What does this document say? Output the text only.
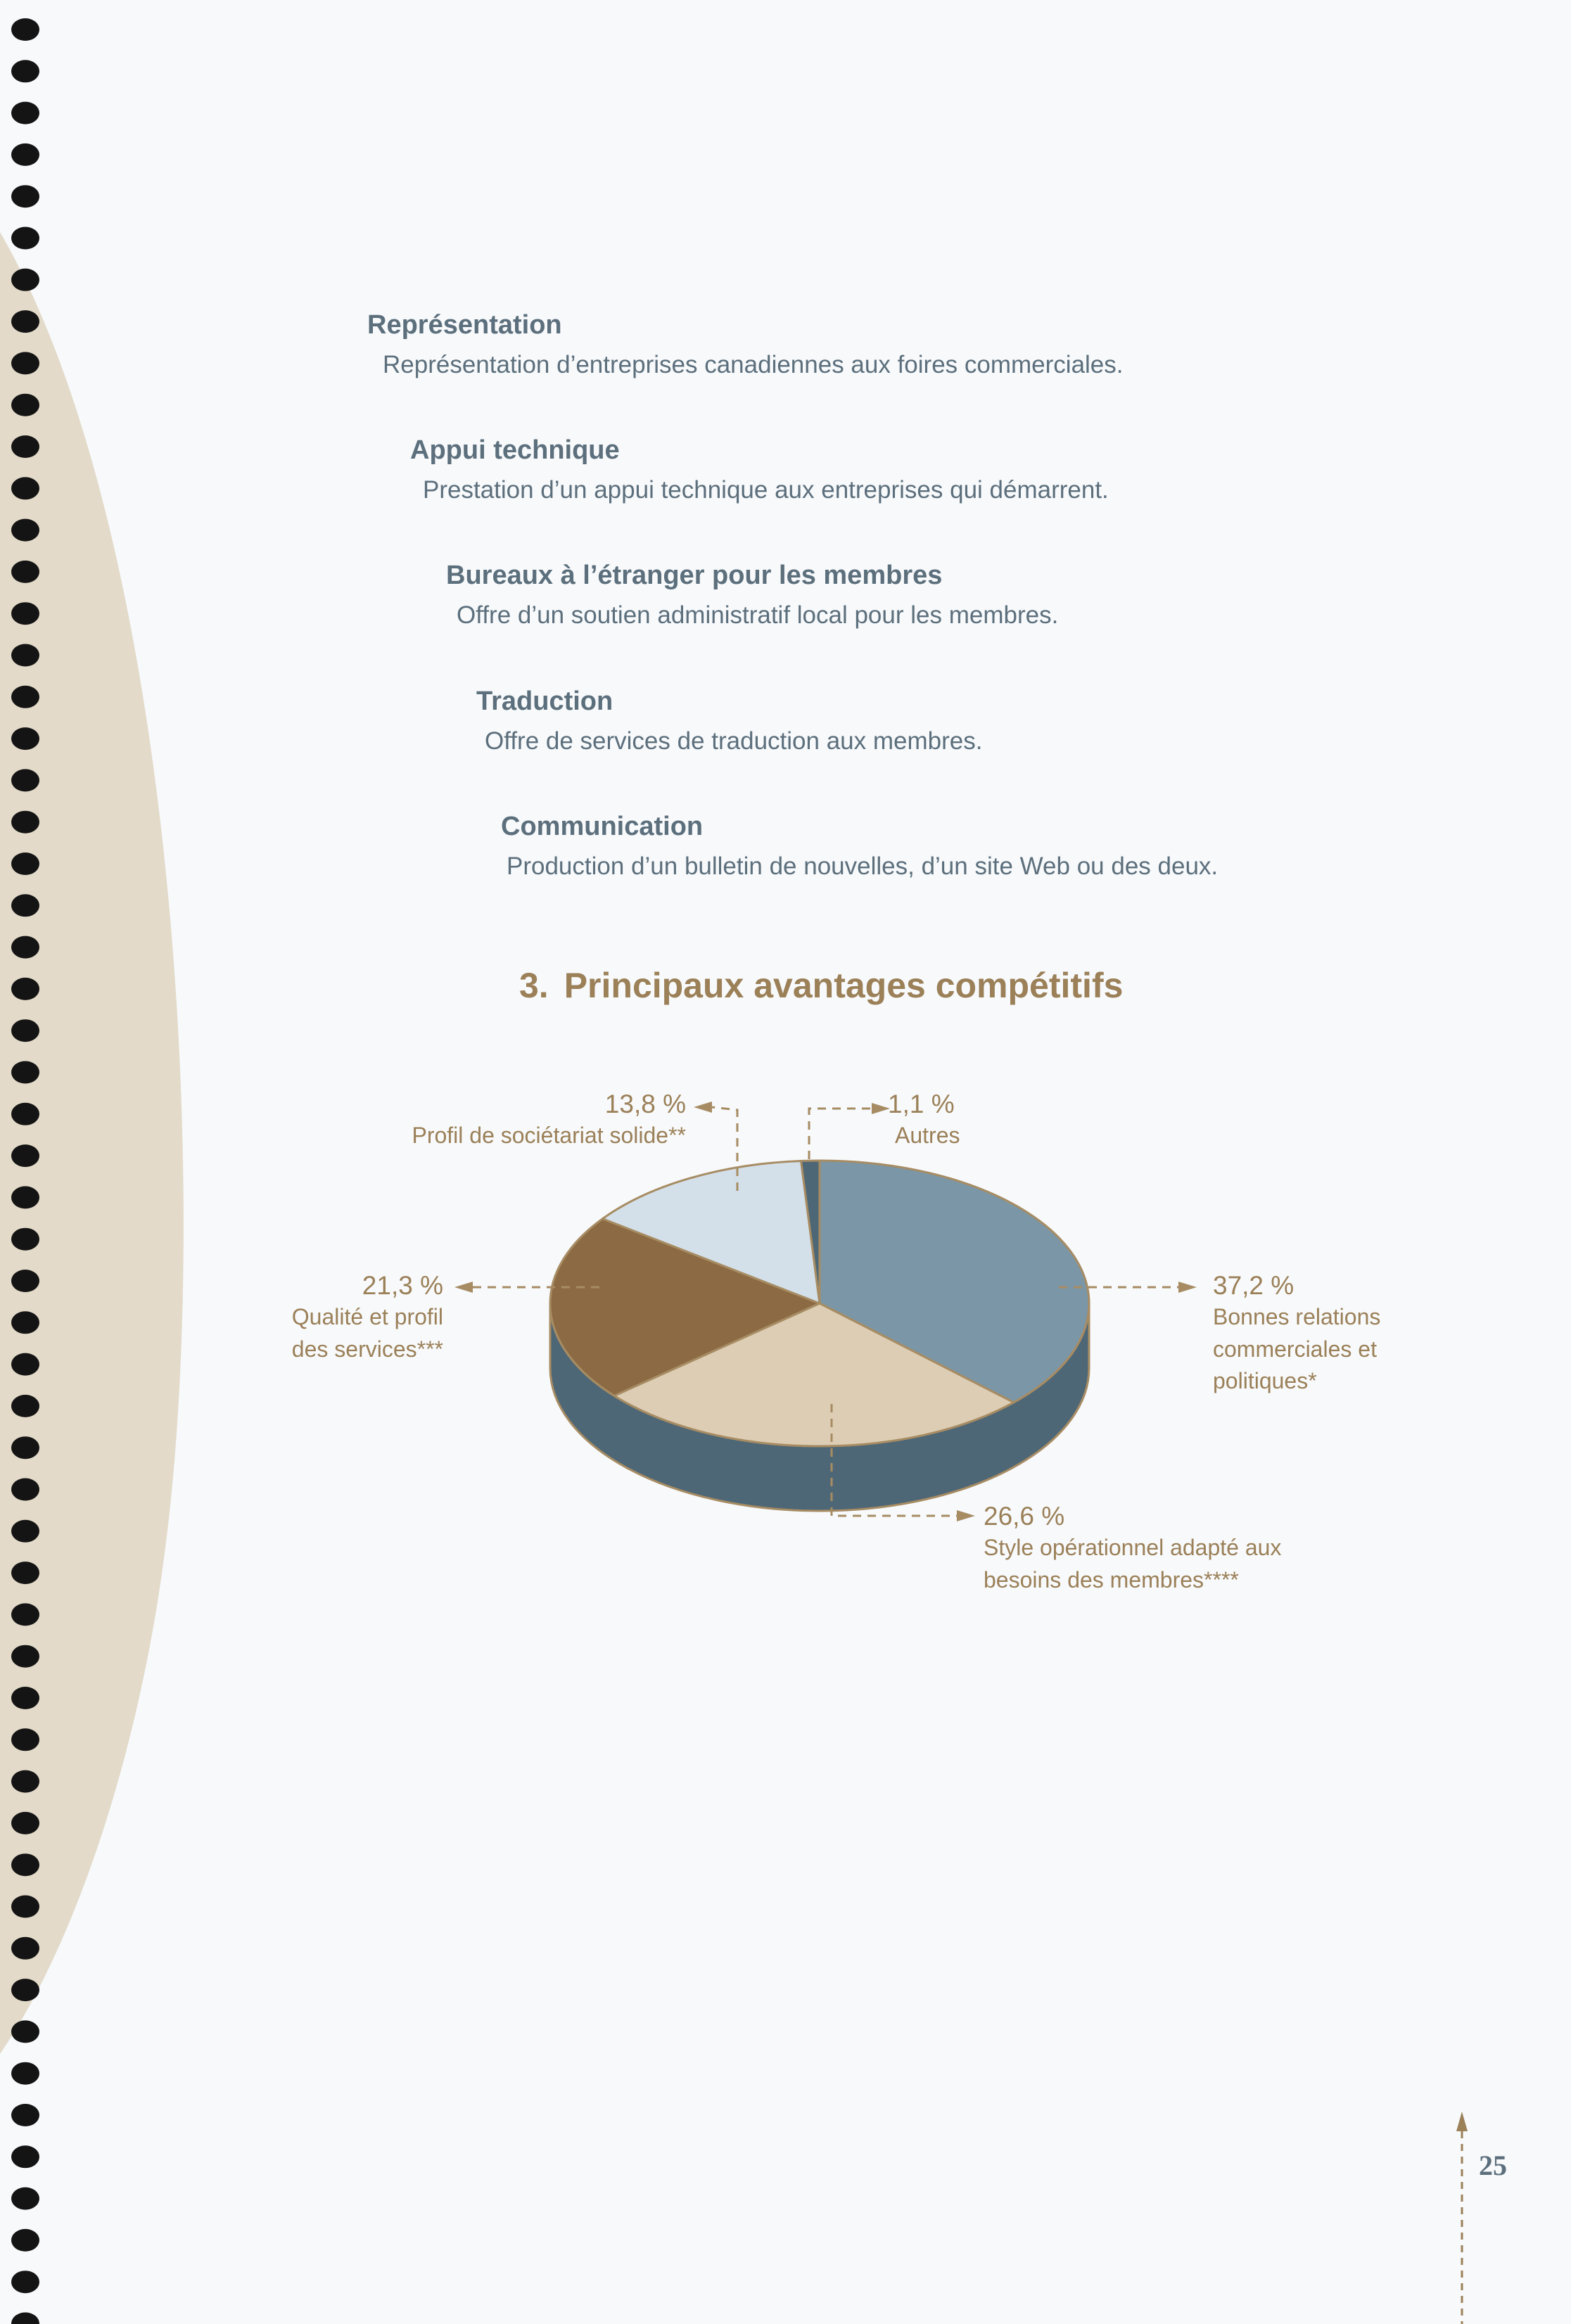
Représentation
Représentation d’entreprises canadiennes aux foires commerciales.
Appui technique
Prestation d’un appui technique aux entreprises qui démarrent.
Bureaux à l’étranger pour les membres
Offre d’un soutien administratif local pour les membres.
Traduction
Offre de services de traduction aux membres.
Communication
Production d’un bulletin de nouvelles, d’un site Web ou des deux.
3. Principaux avantages compétitifs
13,8 %
Profil de sociétariat solide**
1,1 %
Autres
21,3 %
Qualité et profil
des services***
37,2 %
Bonnes relations
commerciales et
politiques*
26,6 %
Style opérationnel adapté aux
besoins des membres****
25
